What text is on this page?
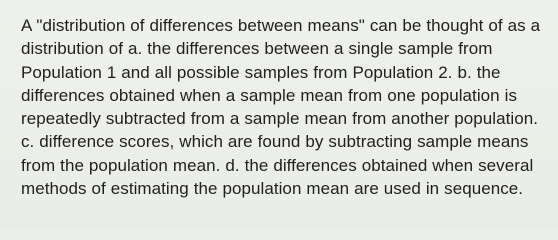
A "distribution of differences between means" can be thought of as a distribution of a. the differences between a single sample from Population 1 and all possible samples from Population 2. b. the differences obtained when a sample mean from one population is repeatedly subtracted from a sample mean from another population. c. difference scores, which are found by subtracting sample means from the population mean. d. the differences obtained when several methods of estimating the population mean are used in sequence.
